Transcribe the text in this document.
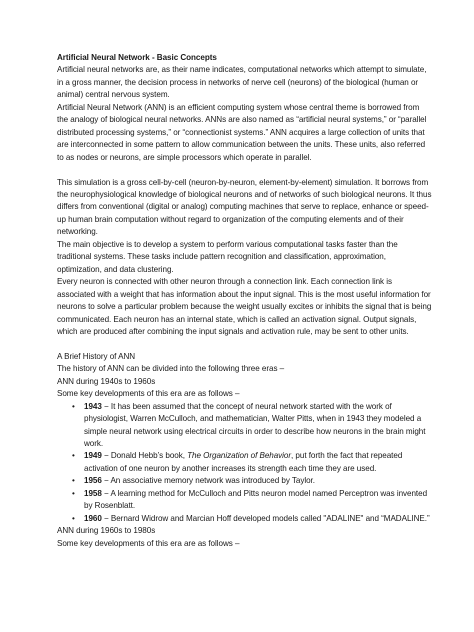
Artificial Neural Network - Basic Concepts

Artificial neural networks are, as their name indicates, computational networks which attempt to simulate, in a gross manner, the decision process in networks of nerve cell (neurons) of the biological (human or animal) central nervous system.

Artificial Neural Network (ANN) is an efficient computing system whose central theme is borrowed from the analogy of biological neural networks. ANNs are also named as “artificial neural systems,” or “parallel distributed processing systems,” or “connectionist systems.” ANN acquires a large collection of units that are interconnected in some pattern to allow communication between the units. These units, also referred to as nodes or neurons, are simple processors which operate in parallel.

This simulation is a gross cell-by-cell (neuron-by-neuron, element-by-element) simulation. It borrows from the neurophysiological knowledge of biological neurons and of networks of such biological neurons. It thus differs from conventional (digital or analog) computing machines that serve to replace, enhance or speed-up human brain computation without regard to organization of the computing elements and of their networking.

The main objective is to develop a system to perform various computational tasks faster than the traditional systems. These tasks include pattern recognition and classification, approximation, optimization, and data clustering.

Every neuron is connected with other neuron through a connection link. Each connection link is associated with a weight that has information about the input signal. This is the most useful information for neurons to solve a particular problem because the weight usually excites or inhibits the signal that is being communicated. Each neuron has an internal state, which is called an activation signal. Output signals, which are produced after combining the input signals and activation rule, may be sent to other units.

A Brief History of ANN

The history of ANN can be divided into the following three eras –

ANN during 1940s to 1960s

Some key developments of this era are as follows –

• 1943 − It has been assumed that the concept of neural network started with the work of physiologist, Warren McCulloch, and mathematician, Walter Pitts, when in 1943 they modeled a simple neural network using electrical circuits in order to describe how neurons in the brain might work.
• 1949 − Donald Hebb’s book, The Organization of Behavior, put forth the fact that repeated activation of one neuron by another increases its strength each time they are used.
• 1956 − An associative memory network was introduced by Taylor.
• 1958 − A learning method for McCulloch and Pitts neuron model named Perceptron was invented by Rosenblatt.
• 1960 − Bernard Widrow and Marcian Hoff developed models called "ADALINE" and “MADALINE.”

ANN during 1960s to 1980s

Some key developments of this era are as follows –
